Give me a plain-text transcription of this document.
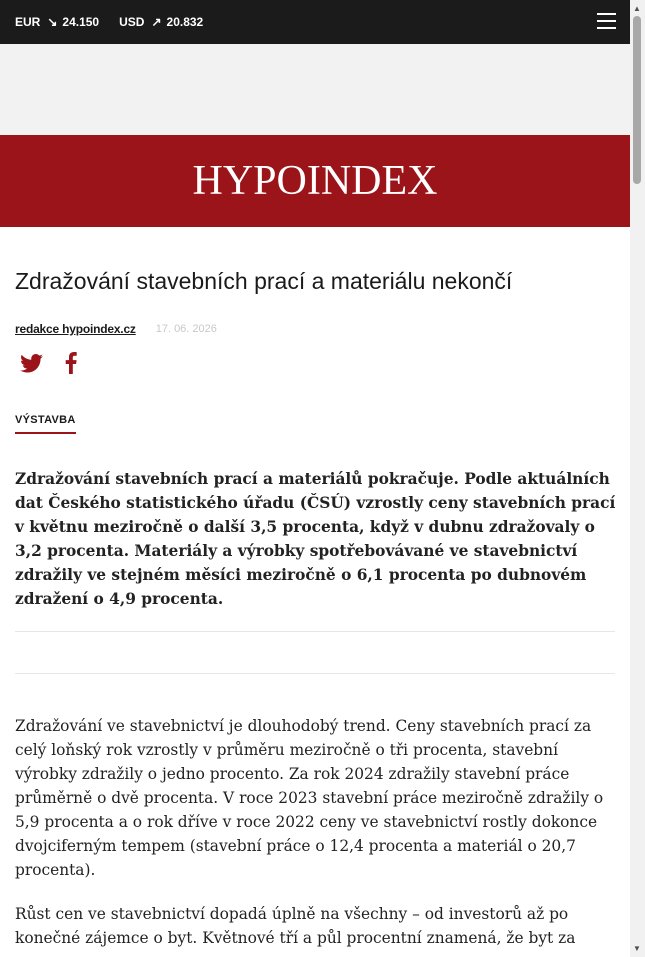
EUR ↘ 24.150 USD ↗ 20.832
HYPOINDEX
Zdražování stavebních prací a materiálu nekončí
redakce hypoindex.cz 17. 06. 2026
VÝSTAVBA

Zdražování stavebních prací a materiálů pokračuje. Podle aktuálních dat Českého statistického úřadu (ČSÚ) vzrostly ceny stavebních prací v květnu meziročně o další 3,5 procenta, když v dubnu zdražovaly o 3,2 procenta. Materiály a výrobky spotřebovávané ve stavebnictví zdražily ve stejném měsíci meziročně o 6,1 procenta po dubnovém zdražení o 4,9 procenta.

Zdražování ve stavebnictví je dlouhodobý trend. Ceny stavebních prací za celý loňský rok vzrostly v průměru meziročně o tři procenta, stavební výrobky zdražily o jedno procento. Za rok 2024 zdražily stavební práce průměrně o dvě procenta. V roce 2023 stavební práce meziročně zdražily o 5,9 procenta a o rok dříve v roce 2022 ceny ve stavebnictví rostly dokonce dvojciferným tempem (stavební práce o 12,4 procenta a materiál o 20,7 procenta).

Růst cen ve stavebnictví dopadá úplně na všechny – od investorů až po konečné zájemce o byt. Květnové tří a půl procentní znamená, že byt za

▲
▼
